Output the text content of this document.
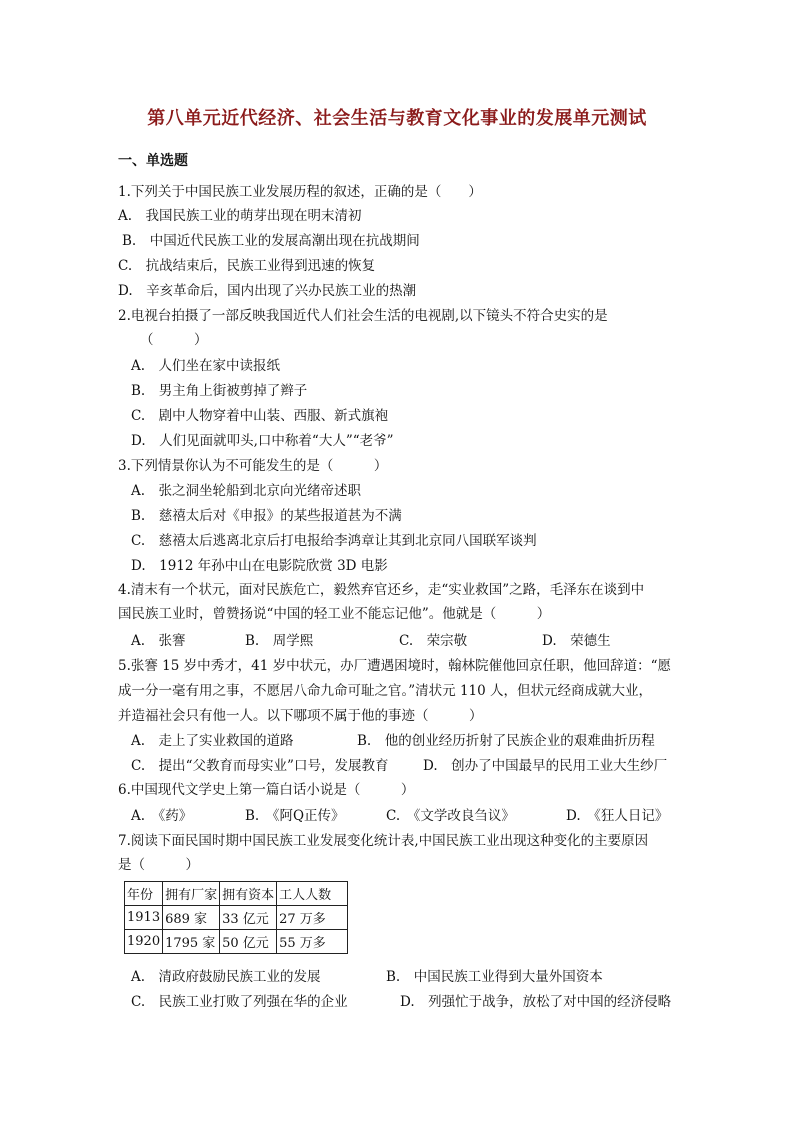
第八单元近代经济、社会生活与教育文化事业的发展单元测试
一、单选题
1.下列关于中国民族工业发展历程的叙述，正确的是（　　）
A.　我国民族工业的萌芽出现在明末清初
B.　中国近代民族工业的发展高潮出现在抗战期间
C.　抗战结束后，民族工业得到迅速的恢复
D.　辛亥革命后，国内出现了兴办民族工业的热潮
2.电视台拍摄了一部反映我国近代人们社会生活的电视剧,以下镜头不符合史实的是
（　　　）
A.　人们坐在家中读报纸
B.　男主角上街被剪掉了辫子
C.　剧中人物穿着中山装、西服、新式旗袍
D.　人们见面就叩头,口中称着“大人”“老爷”
3.下列情景你认为不可能发生的是（　　　）
A.　张之洞坐轮船到北京向光绪帝述职
B.　慈禧太后对《申报》的某些报道甚为不满
C.　慈禧太后逃离北京后打电报给李鸿章让其到北京同八国联军谈判
D.　1912 年孙中山在电影院欣赏 3D 电影
4.清末有一个状元，面对民族危亡，毅然弃官还乡，走“实业救国”之路，毛泽东在谈到中
国民族工业时，曾赞扬说“中国的轻工业不能忘记他”。他就是（　　　）
A.　张謇	B.　周学熙	C.　荣宗敬	D.　荣德生
5.张謇 15 岁中秀才，41 岁中状元，办厂遭遇困境时，翰林院催他回京任职，他回辞道：“愿
成一分一毫有用之事，不愿居八命九命可耻之官。”清状元 110 人，但状元经商成就大业，
并造福社会只有他一人。以下哪项不属于他的事迹（　　　）
A.　走上了实业救国的道路	B.　他的创业经历折射了民族企业的艰难曲折历程
C.　提出“父教育而母实业”口号，发展教育	D.　创办了中国最早的民用工业大生纱厂
6.中国现代文学史上第一篇白话小说是（　　　）
A.　《药》	B.　《阿Q正传》	C.　《文学改良刍议》	D.　《狂人日记》
7.阅读下面民国时期中国民族工业发展变化统计表,中国民族工业出现这种变化的主要原因
是（　　　）
年份	拥有厂家	拥有资本	工人人数
1913	689 家	33 亿元	27 万多
1920	1795 家	50 亿元	55 万多
A.　清政府鼓励民族工业的发展	B.　中国民族工业得到大量外国资本
C.　民族工业打败了列强在华的企业	D.　列强忙于战争，放松了对中国的经济侵略
